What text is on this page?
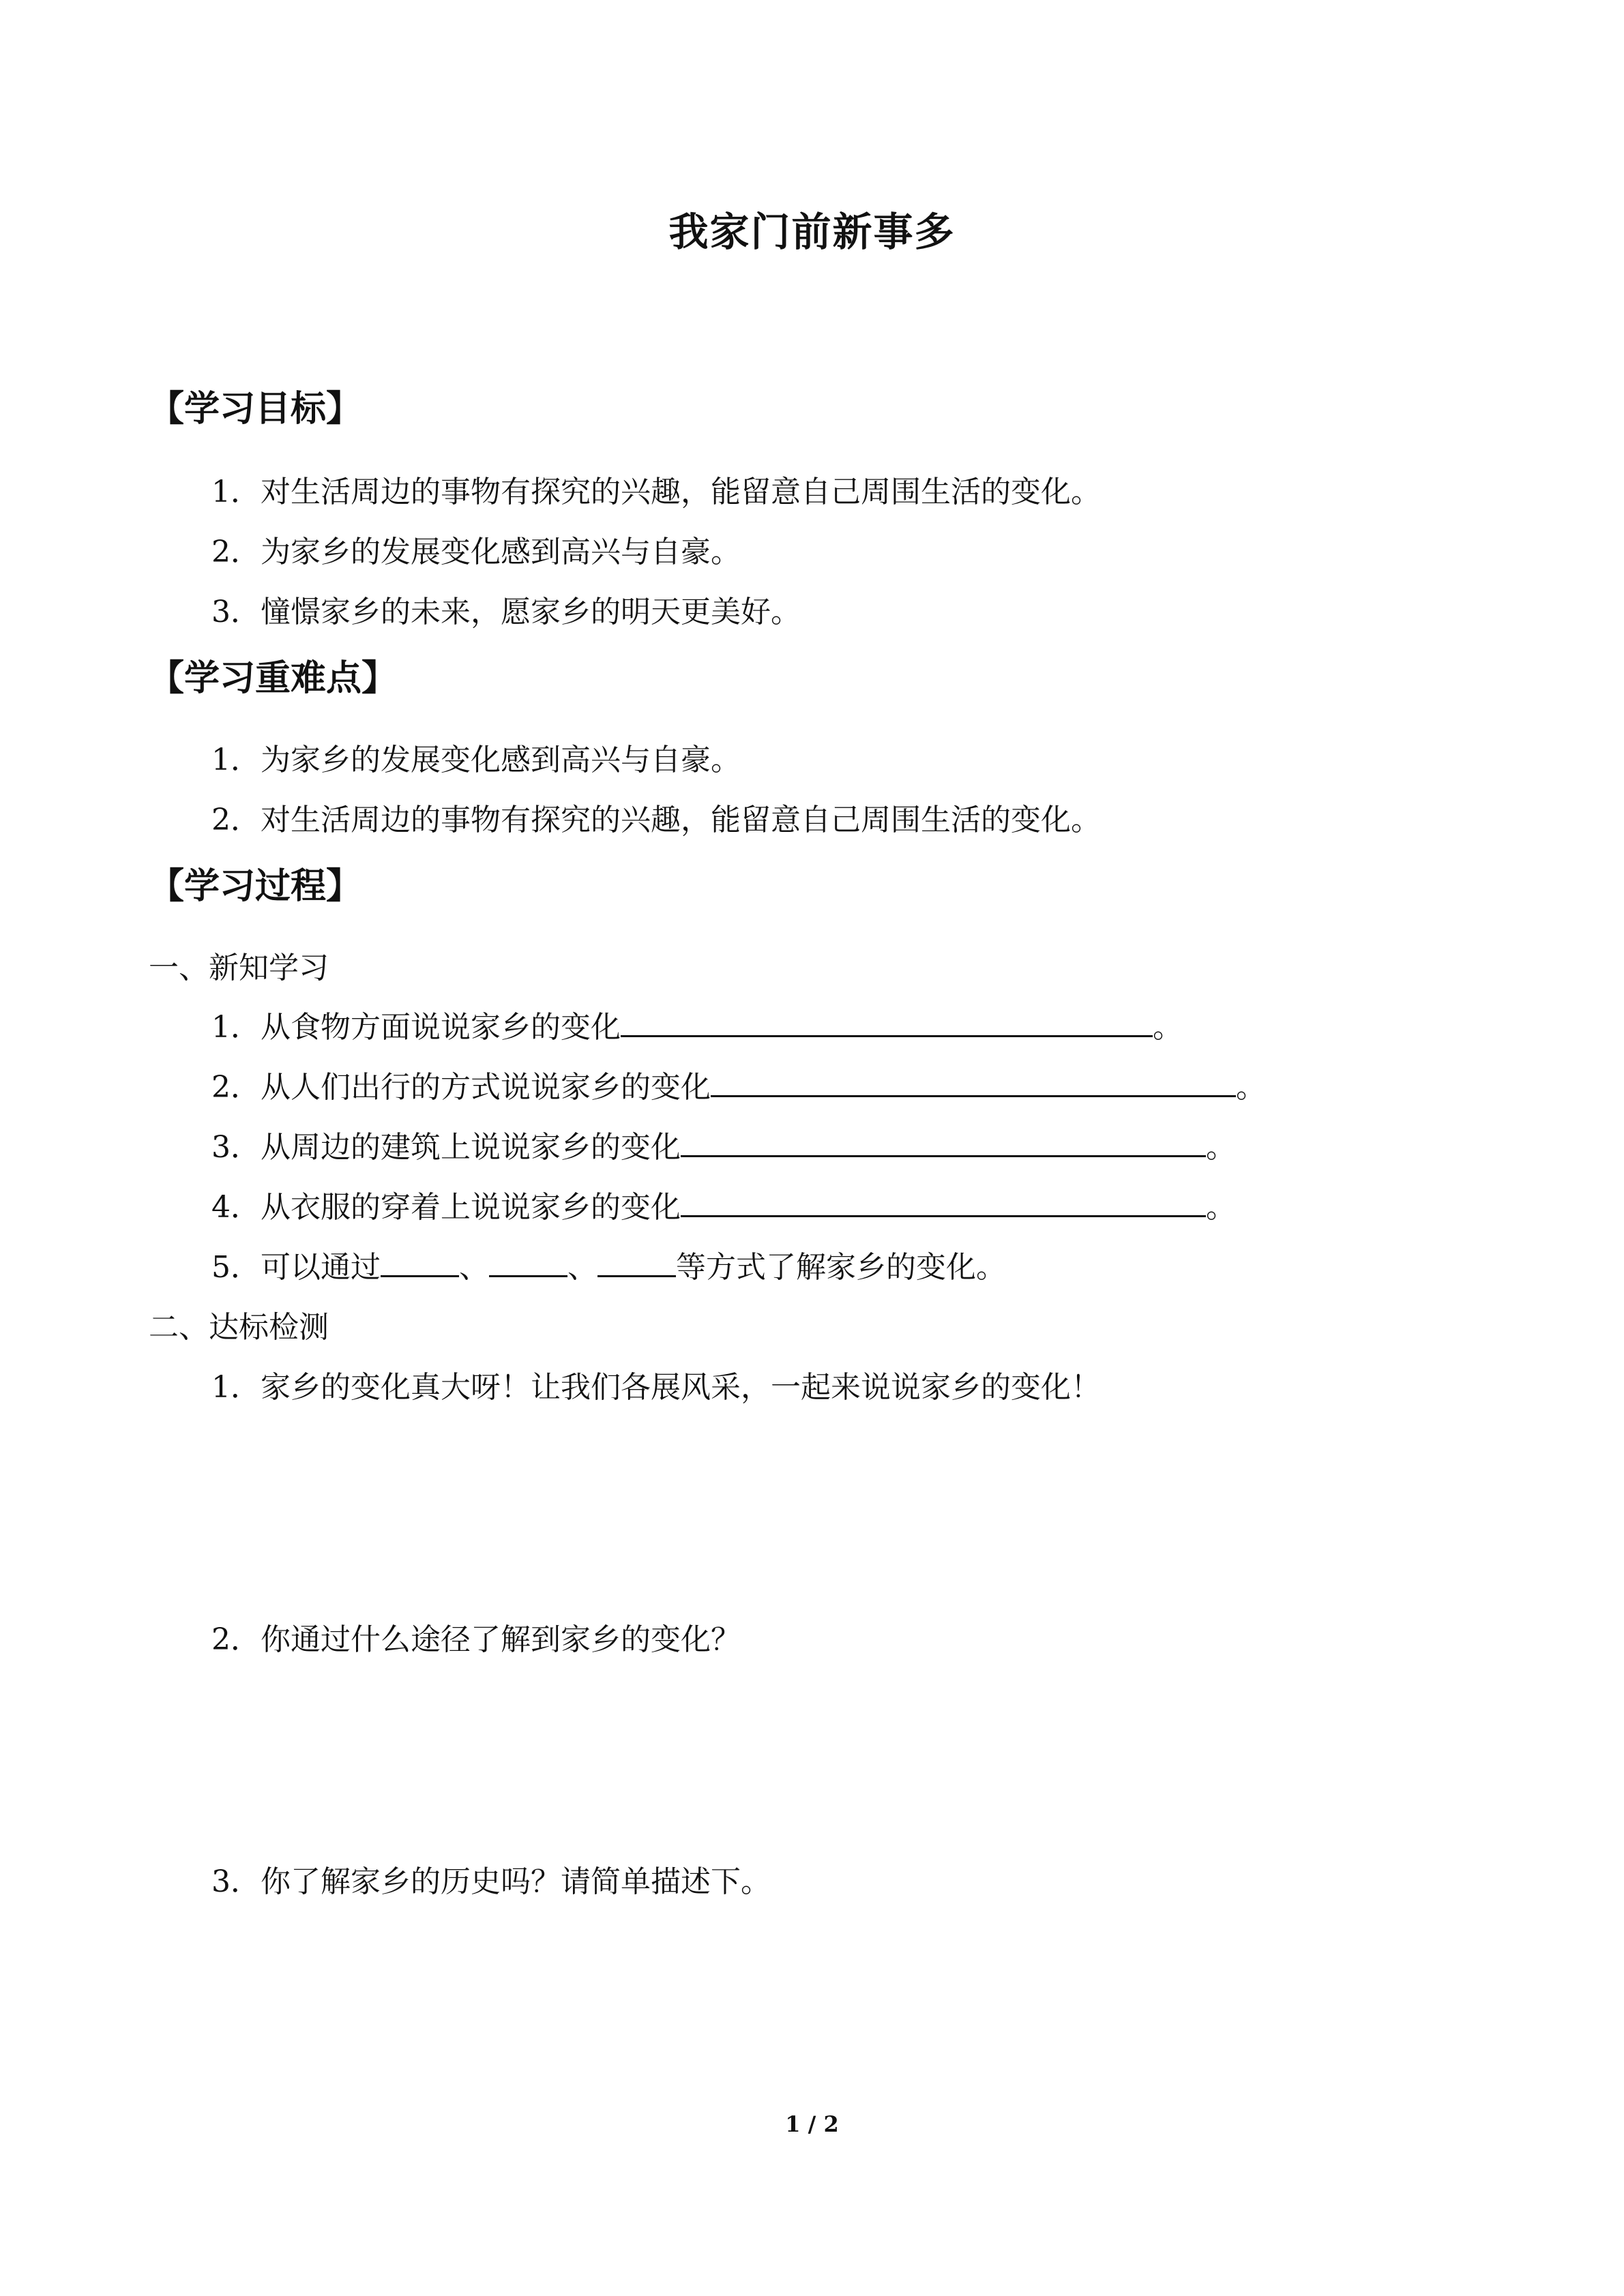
我家门前新事多
【学习目标】
1．对生活周边的事物有探究的兴趣，能留意自己周围生活的变化。
2．为家乡的发展变化感到高兴与自豪。
3．憧憬家乡的未来，愿家乡的明天更美好。
【学习重难点】
1．为家乡的发展变化感到高兴与自豪。
2．对生活周边的事物有探究的兴趣，能留意自己周围生活的变化。
【学习过程】
一、新知学习
1．从食物方面说说家乡的变化	。
2．从人们出行的方式说说家乡的变化	。
3．从周边的建筑上说说家乡的变化	。
4．从衣服的穿着上说说家乡的变化	。
5．可以通过	、	、	等方式了解家乡的变化。
二、达标检测
1．家乡的变化真大呀！让我们各展风采，一起来说说家乡的变化！
2．你通过什么途径了解到家乡的变化？
3．你了解家乡的历史吗？请简单描述下。
1 / 2
